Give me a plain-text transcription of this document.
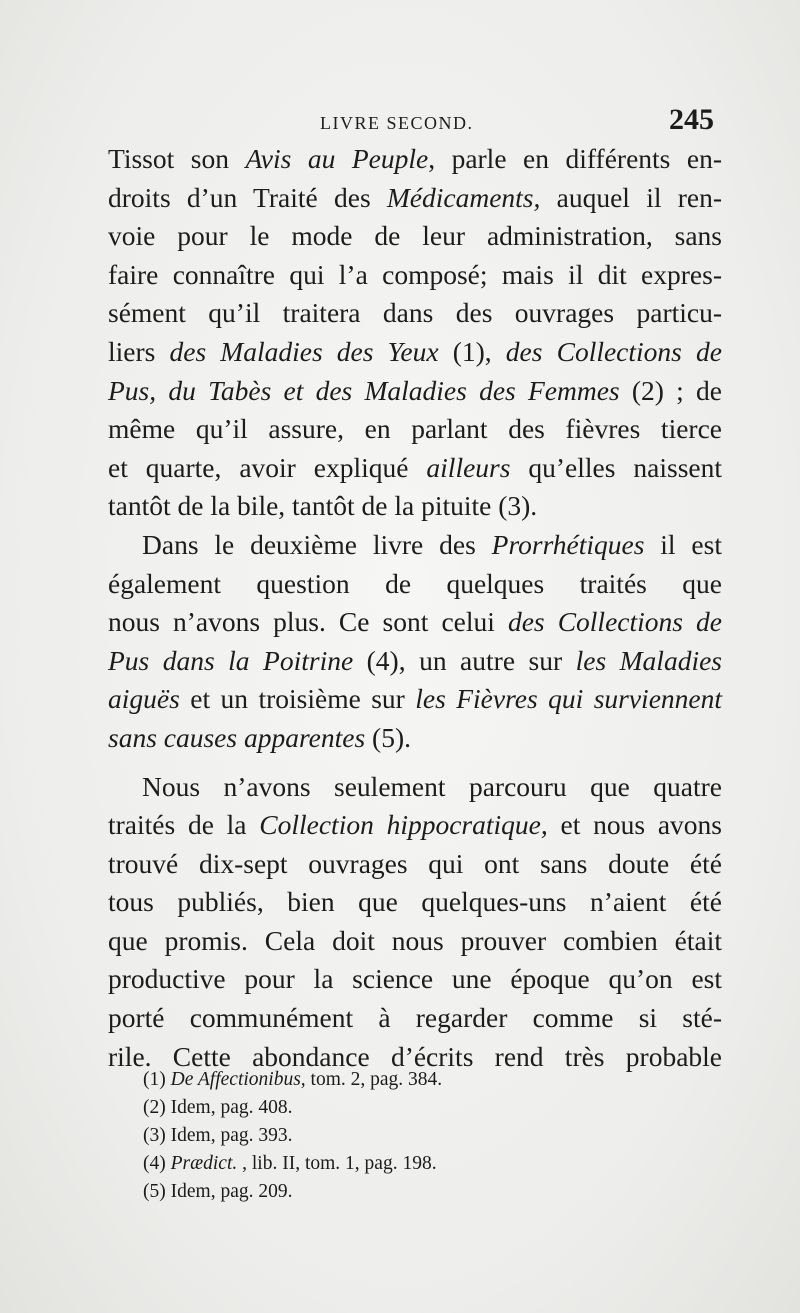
LIVRE SECOND.	245
Tissot son Avis au Peuple, parle en différents en-
droits d’un Traité des Médicaments, auquel il ren-
voie pour le mode de leur administration, sans
faire connaître qui l’a composé; mais il dit expres-
sément qu’il traitera dans des ouvrages particu-
liers des Maladies des Yeux (1), des Collections de
Pus, du Tabès et des Maladies des Femmes (2) ; de
même qu’il assure, en parlant des fièvres tierce
et quarte, avoir expliqué ailleurs qu’elles naissent
tantôt de la bile, tantôt de la pituite (3).
Dans le deuxième livre des Prorrhétiques il est
également question de quelques traités que
nous n’avons plus. Ce sont celui des Collections de
Pus dans la Poitrine (4), un autre sur les Maladies
aiguës et un troisième sur les Fièvres qui surviennent
sans causes apparentes (5).
Nous n’avons seulement parcouru que quatre
traités de la Collection hippocratique, et nous avons
trouvé dix-sept ouvrages qui ont sans doute été
tous publiés, bien que quelques-uns n’aient été
que promis. Cela doit nous prouver combien était
productive pour la science une époque qu’on est
porté communément à regarder comme si sté-
rile. Cette abondance d’écrits rend très probable
(1) De Affectionibus, tom. 2, pag. 384.
(2) Idem, pag. 408.
(3) Idem, pag. 393.
(4) Prædict. , lib. II, tom. 1, pag. 198.
(5) Idem, pag. 209.
